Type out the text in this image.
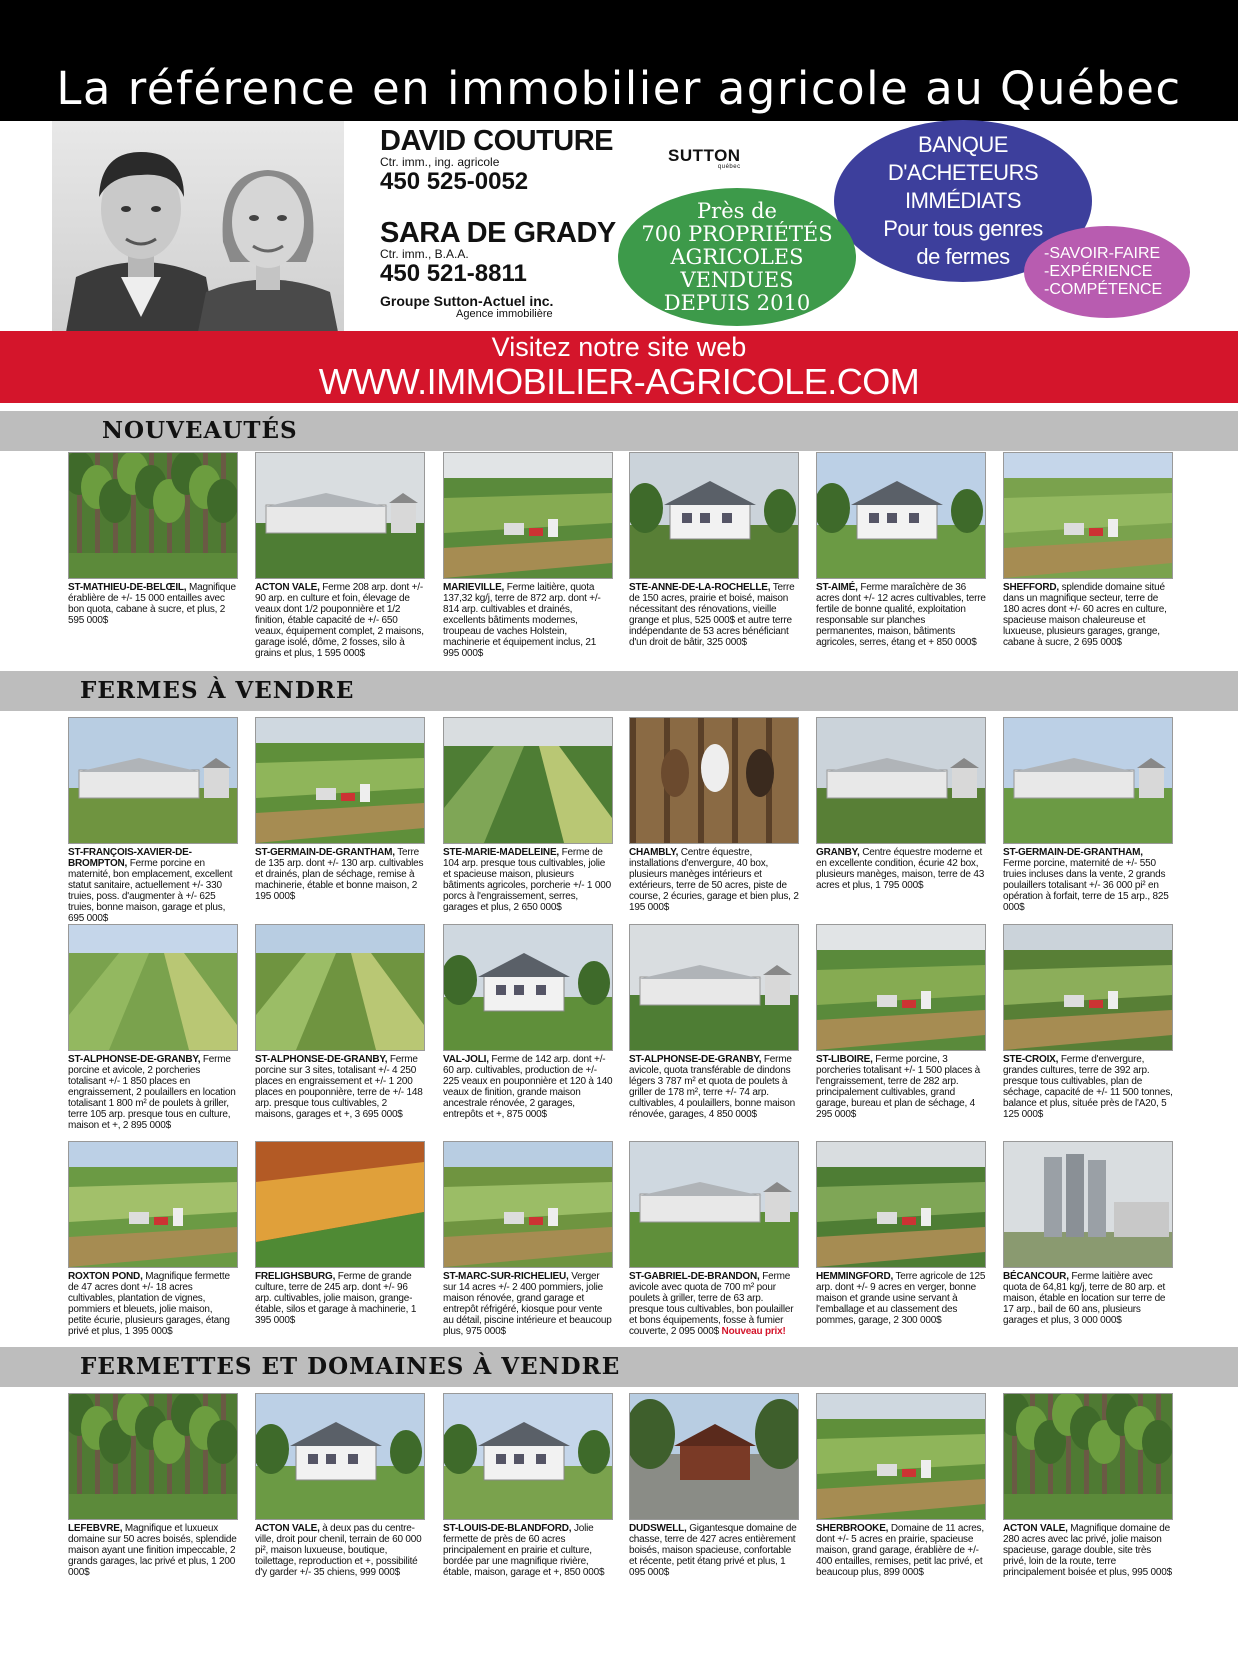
La référence en immobilier agricole au Québec
DAVID COUTURE
Ctr. imm., ing. agricole
450 525-0052
SARA DE GRADY
Ctr. imm., B.A.A.
450 521-8811
Groupe Sutton-Actuel inc.
Agence immobilière
SUTTON
québec
BANQUE
D'ACHETEURS IMMÉDIATS
Pour tous genres
de fermes
Près de
700 PROPRIÉTÉS
AGRICOLES VENDUES
DEPUIS 2010
-SAVOIR-FAIRE
-EXPÉRIENCE
-COMPÉTENCE
Visitez notre site web
WWW.IMMOBILIER-AGRICOLE.COM
NOUVEAUTÉS
FERMES À VENDRE
FERMETTES ET DOMAINES À VENDRE
ST-MATHIEU-DE-BELŒIL, Magnifique érablière de +/- 15 000 entailles avec bon quota, cabane à sucre, et plus, 2 595 000$
ACTON VALE, Ferme 208 arp. dont +/- 90 arp. en culture et foin, élevage de veaux dont 1/2 pouponnière et 1/2 finition, étable capacité de +/- 650 veaux, équipement complet, 2 maisons, garage isolé, dôme, 2 fosses, silo à grains et plus, 1 595 000$
MARIEVILLE, Ferme laitière, quota 137,32 kg/j, terre de 872 arp. dont +/- 814 arp. cultivables et drainés, excellents bâtiments modernes, troupeau de vaches Holstein, machinerie et équipement inclus, 21 995 000$
STE-ANNE-DE-LA-ROCHELLE, Terre de 150 acres, prairie et boisé, maison nécessitant des rénovations, vieille grange et plus, 525 000$ et autre terre indépendante de 53 acres bénéficiant d'un droit de bâtir, 325 000$
ST-AIMÉ, Ferme maraîchère de 36 acres dont +/- 12 acres cultivables, terre fertile de bonne qualité, exploitation responsable sur planches permanentes, maison, bâtiments agricoles, serres, étang et + 850 000$
SHEFFORD, splendide domaine situé dans un magnifique secteur, terre de 180 acres dont +/- 60 acres en culture, spacieuse maison chaleureuse et luxueuse, plusieurs garages, grange, cabane à sucre, 2 695 000$
ST-FRANÇOIS-XAVIER-DE-BROMPTON, Ferme porcine en maternité, bon emplacement, excellent statut sanitaire, actuellement +/- 330 truies, poss. d'augmenter à +/- 625 truies, bonne maison, garage et plus, 695 000$
ST-GERMAIN-DE-GRANTHAM, Terre de 135 arp. dont +/- 130 arp. cultivables et drainés, plan de séchage, remise à machinerie, étable et bonne maison, 2 195 000$
STE-MARIE-MADELEINE, Ferme de 104 arp. presque tous cultivables, jolie et spacieuse maison, plusieurs bâtiments agricoles, porcherie +/- 1 000 porcs à l'engraissement, serres, garages et plus, 2 650 000$
CHAMBLY, Centre équestre, installations d'envergure, 40 box, plusieurs manèges intérieurs et extérieurs, terre de 50 acres, piste de course, 2 écuries, garage et bien plus, 2 195 000$
GRANBY, Centre équestre moderne et en excellente condition, écurie 42 box, plusieurs manèges, maison, terre de 43 acres et plus, 1 795 000$
ST-GERMAIN-DE-GRANTHAM, Ferme porcine, maternité de +/- 550 truies incluses dans la vente, 2 grands poulaillers totalisant +/- 36 000 pi² en opération à forfait, terre de 15 arp., 825 000$
ST-ALPHONSE-DE-GRANBY, Ferme porcine et avicole, 2 porcheries totalisant +/- 1 850 places en engraissement, 2 poulaillers en location totalisant 1 800 m² de poulets à griller, terre 105 arp. presque tous en culture, maison et +, 2 895 000$
ST-ALPHONSE-DE-GRANBY, Ferme porcine sur 3 sites, totalisant +/- 4 250 places en engraissement et +/- 1 200 places en pouponnière, terre de +/- 148 arp. presque tous cultivables, 2 maisons, garages et +, 3 695 000$
VAL-JOLI, Ferme de 142 arp. dont +/- 60 arp. cultivables, production de +/- 225 veaux en pouponnière et 120 à 140 veaux de finition, grande maison ancestrale rénovée, 2 garages, entrepôts et +, 875 000$
ST-ALPHONSE-DE-GRANBY, Ferme avicole, quota transférable de dindons légers 3 787 m² et quota de poulets à griller de 178 m², terre +/- 74 arp. cultivables, 4 poulaillers, bonne maison rénovée, garages, 4 850 000$
ST-LIBOIRE, Ferme porcine, 3 porcheries totalisant +/- 1 500 places à l'engraissement, terre de 282 arp. principalement cultivables, grand garage, bureau et plan de séchage, 4 295 000$
STE-CROIX, Ferme d'envergure, grandes cultures, terre de 392 arp. presque tous cultivables, plan de séchage, capacité de +/- 11 500 tonnes, balance et plus, située près de l'A20, 5 125 000$
ROXTON POND, Magnifique fermette de 47 acres dont +/- 18 acres cultivables, plantation de vignes, pommiers et bleuets, jolie maison, petite écurie, plusieurs garages, étang privé et plus, 1 395 000$
FRELIGHSBURG, Ferme de grande culture, terre de 245 arp. dont +/- 96 arp. cultivables, jolie maison, grange-étable, silos et garage à machinerie, 1 395 000$
ST-MARC-SUR-RICHELIEU, Verger sur 14 acres +/- 2 400 pommiers, jolie maison rénovée, grand garage et entrepôt réfrigéré, kiosque pour vente au détail, piscine intérieure et beaucoup plus, 975 000$
ST-GABRIEL-DE-BRANDON, Ferme avicole avec quota de 700 m² pour poulets à griller, terre de 63 arp. presque tous cultivables, bon poulailler et bons équipements, fosse à fumier couverte, 2 095 000$ Nouveau prix!
HEMMINGFORD, Terre agricole de 125 arp. dont +/- 9 acres en verger, bonne maison et grande usine servant à l'emballage et au classement des pommes, garage, 2 300 000$
BÉCANCOUR, Ferme laitière avec quota de 64,81 kg/j, terre de 80 arp. et maison, étable en location sur terre de 17 arp., bail de 60 ans, plusieurs garages et plus, 3 000 000$
LEFEBVRE, Magnifique et luxueux domaine sur 50 acres boisés, splendide maison ayant une finition impeccable, 2 grands garages, lac privé et plus, 1 200 000$
ACTON VALE, à deux pas du centre-ville, droit pour chenil, terrain de 60 000 pi², maison luxueuse, boutique, toilettage, reproduction et +, possibilité d'y garder +/- 35 chiens, 999 000$
ST-LOUIS-DE-BLANDFORD, Jolie fermette de près de 60 acres principalement en prairie et culture, bordée par une magnifique rivière, étable, maison, garage et +, 850 000$
DUDSWELL, Gigantesque domaine de chasse, terre de 427 acres entièrement boisés, maison spacieuse, confortable et récente, petit étang privé et plus, 1 095 000$
SHERBROOKE, Domaine de 11 acres, dont +/- 5 acres en prairie, spacieuse maison, grand garage, érablière de +/- 400 entailles, remises, petit lac privé, et beaucoup plus, 899 000$
ACTON VALE, Magnifique domaine de 280 acres avec lac privé, jolie maison spacieuse, garage double, site très privé, loin de la route, terre principalement boisée et plus, 995 000$
